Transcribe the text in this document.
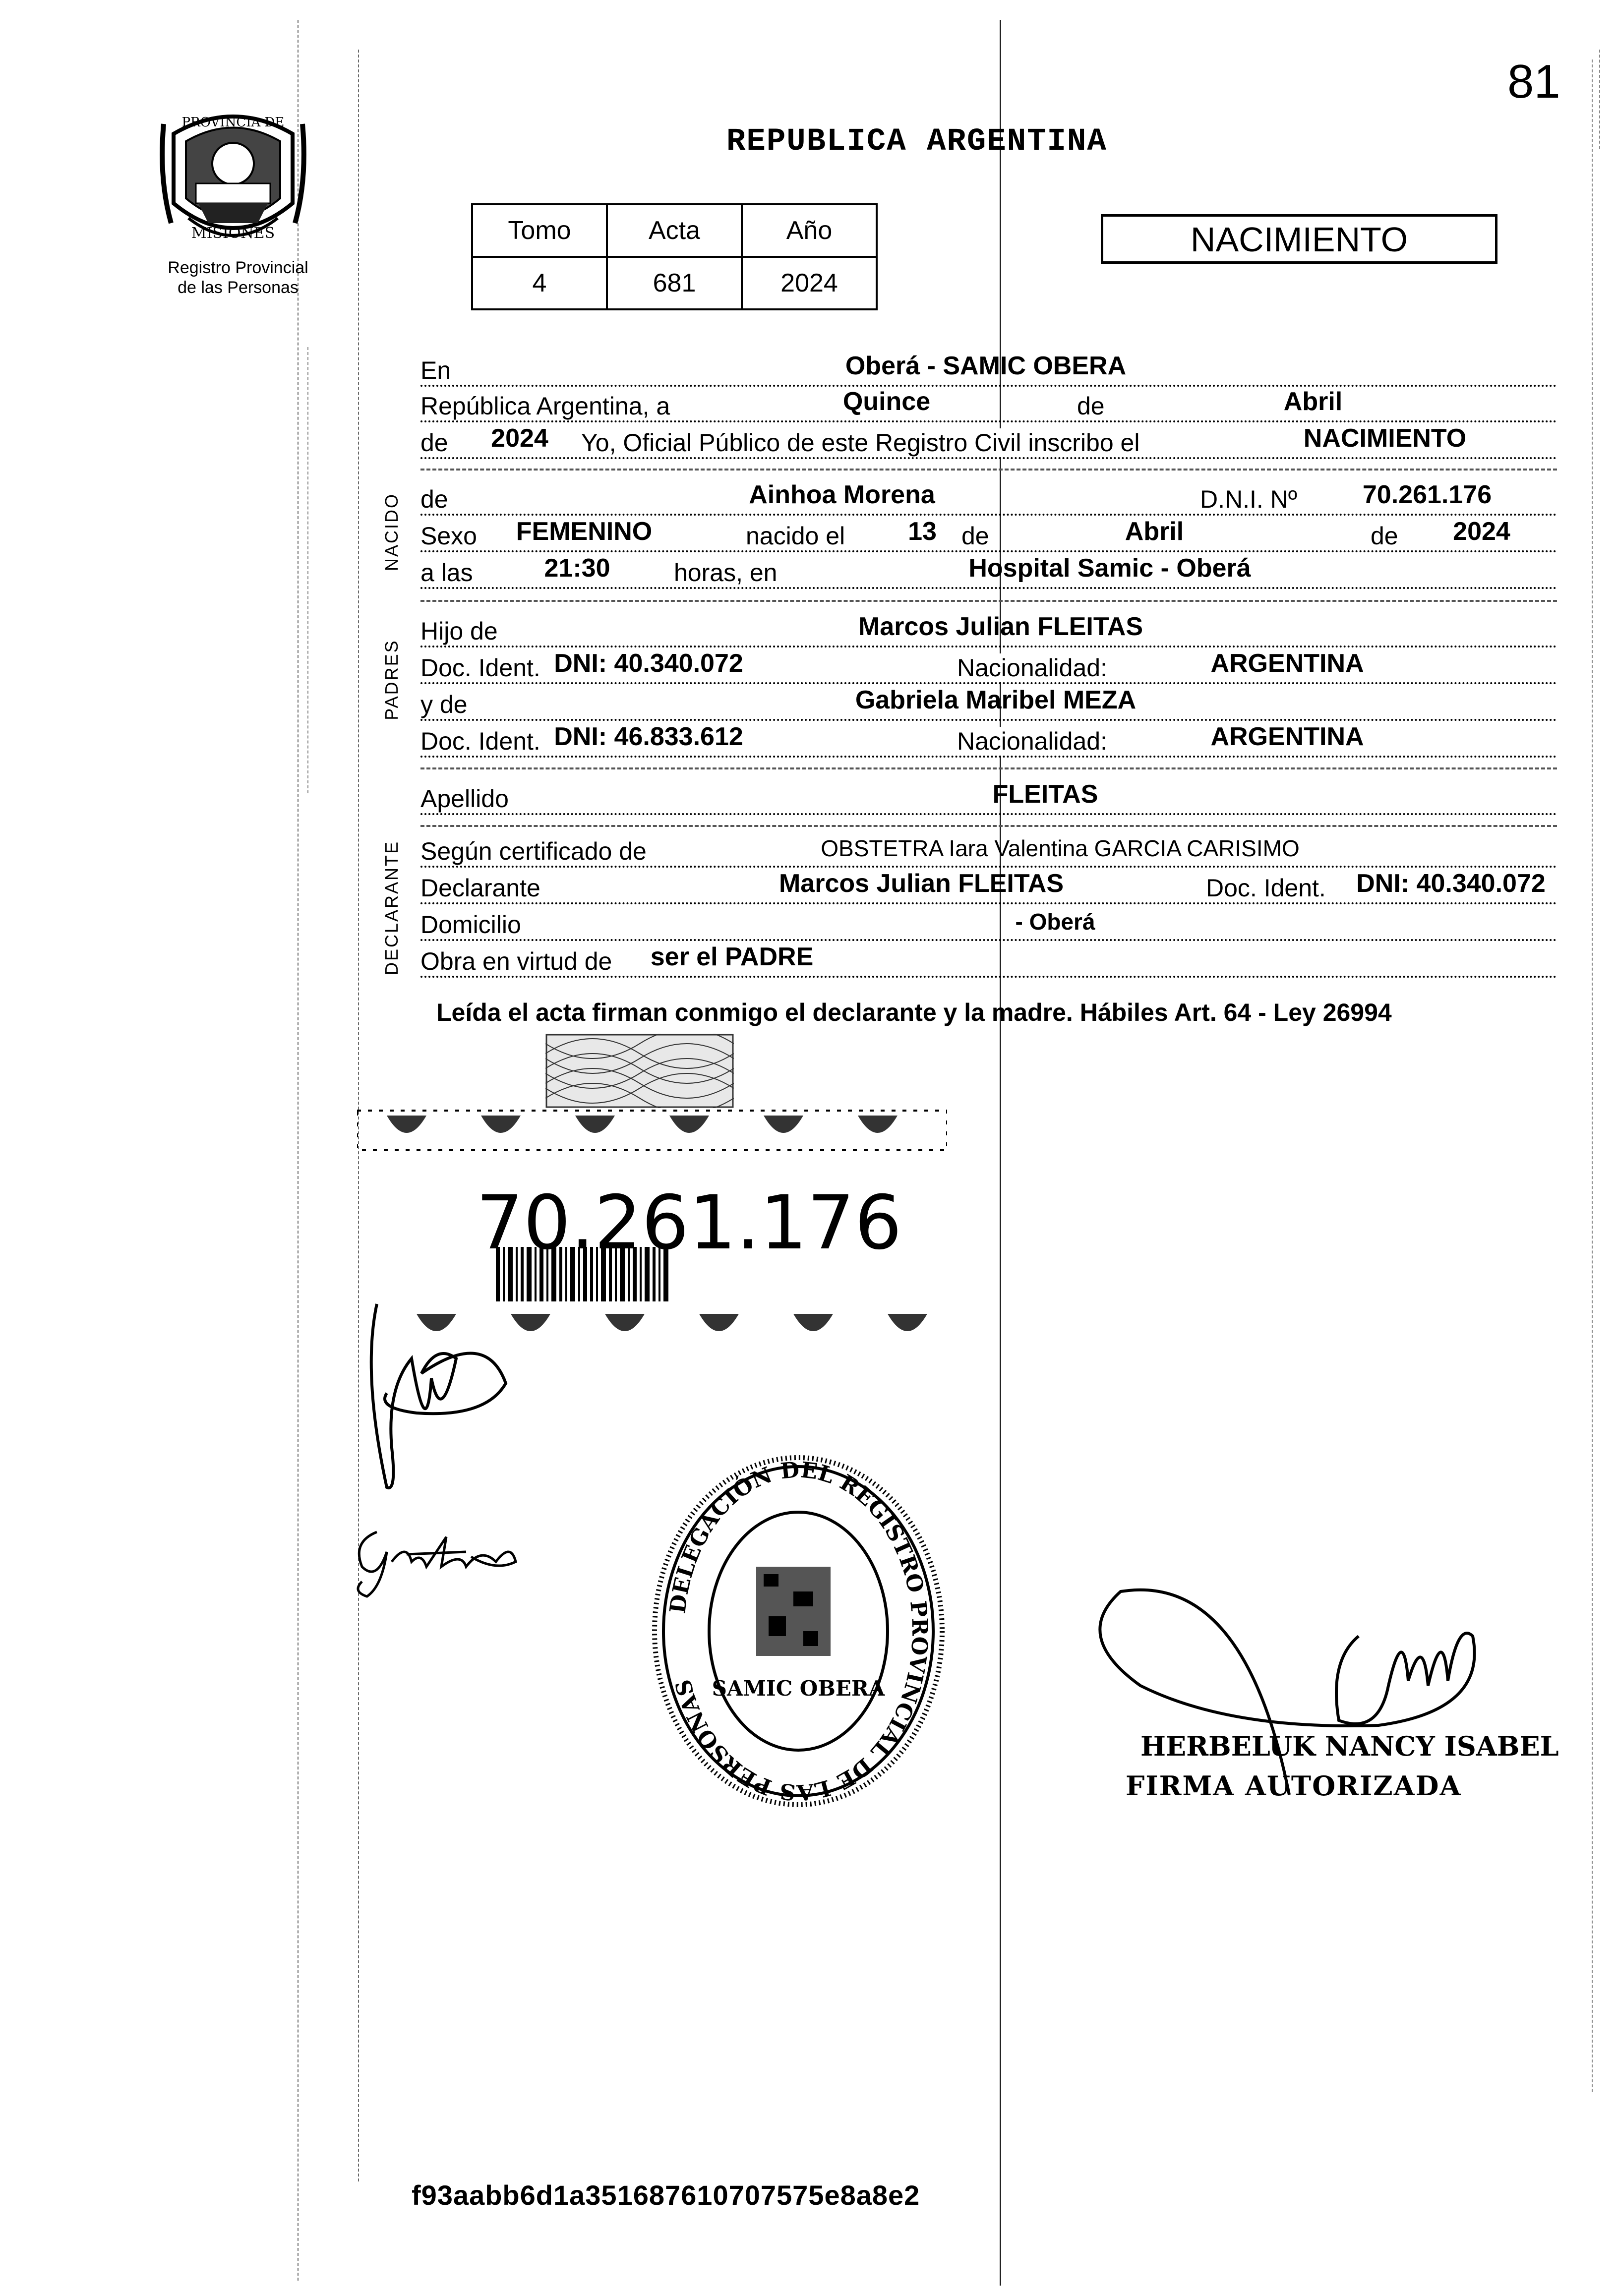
81
PROVINCIA DE
MISIONES
Registro Provincial
de las Personas
REPUBLICA ARGENTINA
Tomo	Acta	Año
4	681	2024
NACIMIENTO
En	Oberá - SAMIC OBERA
República Argentina, a	Quince	de	Abril
de 2024 Yo, Oficial Público de este Registro Civil inscribo el	NACIMIENTO
de	Ainhoa Morena	D.N.I. Nº	70.261.176
Sexo FEMENINO	nacido el 13 de	Abril	de 2024
a las	21:30	horas, en	Hospital Samic - Oberá
Hijo de	Marcos Julian FLEITAS
Doc. Ident. DNI: 40.340.072	Nacionalidad:	ARGENTINA
y de	Gabriela Maribel MEZA
Doc. Ident. DNI: 46.833.612	Nacionalidad:	ARGENTINA
Apellido	FLEITAS
Según certificado de	OBSTETRA Iara Valentina GARCIA CARISIMO
Declarante	Marcos Julian FLEITAS	Doc. Ident. DNI: 40.340.072
Domicilio	- Oberá
Obra en virtud de ser el PADRE
NACIDO
PADRES
DECLARANTE
Leída el acta firman conmigo el declarante y la madre. Hábiles Art. 64 - Ley 26994
70.261.176
DELEGACIÓN DEL REGISTRO PROVINCIAL DE LAS PERSONAS SAMIC OBERA
HERBELUK NANCY ISABEL
FIRMA AUTORIZADA
f93aabb6d1a351687610707575e8a8e2
